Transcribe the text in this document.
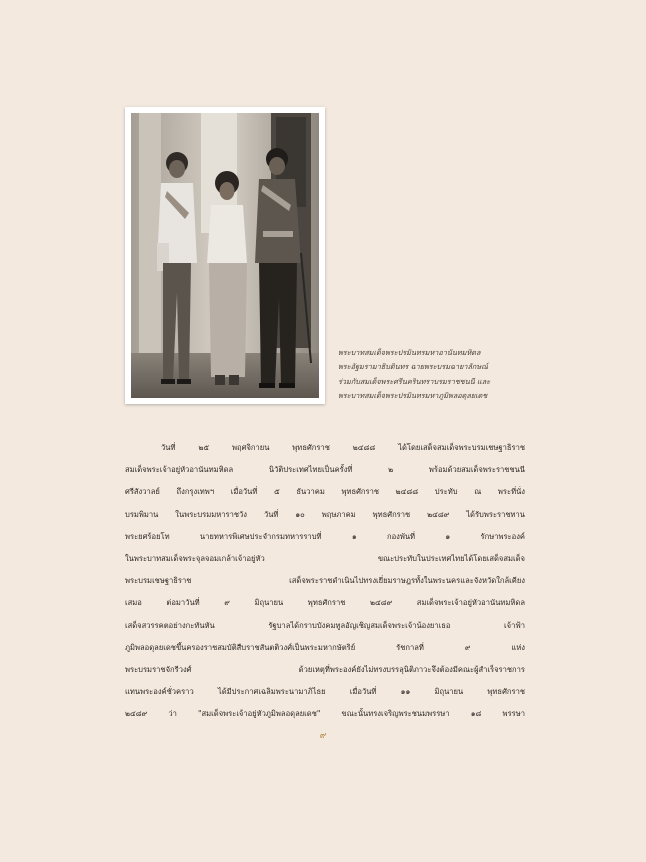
พระบาทสมเด็จพระปรมินทรมหาอานันทมหิดล
พระอัฐมรามาธิบดินทร ฉายพระบรมฉายาลักษณ์
ร่วมกับสมเด็จพระศรีนครินทราบรมราชชนนี และ
พระบาทสมเด็จพระปรมินทรมหาภูมิพลอดุลยเดช
วันที่ ๒๕ พฤศจิกายน พุทธศักราช ๒๔๘๘ ได้โดยเสด็จสมเด็จพระบรมเชษฐาธิราช
สมเด็จพระเจ้าอยู่หัวอานันทมหิดล นิวัติประเทศไทยเป็นครั้งที่ ๒ พร้อมด้วยสมเด็จพระราชชนนี
ศรีสังวาลย์ ถึงกรุงเทพฯ เมื่อวันที่ ๕ ธันวาคม พุทธศักราช ๒๔๘๘ ประทับ ณ พระที่นั่ง
บรมพิมาน ในพระบรมมหาราชวัง วันที่ ๑๐ พฤษภาคม พุทธศักราช ๒๔๘๙ ได้รับพระราชทาน
พระยศร้อยโท นายทหารพิเศษประจำกรมทหารราบที่ ๑ กองพันที่ ๑ รักษาพระองค์
ในพระบาทสมเด็จพระจุลจอมเกล้าเจ้าอยู่หัว ขณะประทับในประเทศไทยได้โดยเสด็จสมเด็จ
พระบรมเชษฐาธิราช เสด็จพระราชดำเนินไปทรงเยี่ยมราษฎรทั้งในพระนครและจังหวัดใกล้เคียง
เสมอ ต่อมาวันที่ ๙ มิถุนายน พุทธศักราช ๒๔๘๙ สมเด็จพระเจ้าอยู่หัวอานันทมหิดล
เสด็จสวรรคตอย่างกะทันหัน รัฐบาลได้กราบบังคมทูลอัญเชิญสมเด็จพระเจ้าน้องยาเธอ เจ้าฟ้า
ภูมิพลอดุลยเดชขึ้นครองราชสมบัติสืบราชสันตติวงศ์เป็นพระมหากษัตริย์ รัชกาลที่ ๙ แห่ง
พระบรมราชจักรีวงศ์ ด้วยเหตุที่พระองค์ยังไม่ทรงบรรลุนิติภาวะจึงต้องมีคณะผู้สำเร็จราชการ
แทนพระองค์ชั่วคราว ได้มีประกาศเฉลิมพระนามาภิไธย เมื่อวันที่ ๑๑ มิถุนายน พุทธศักราช
๒๔๘๙ ว่า "สมเด็จพระเจ้าอยู่หัวภูมิพลอดุลยเดช" ขณะนั้นทรงเจริญพระชนมพรรษา ๑๘ พรรษา
๙
